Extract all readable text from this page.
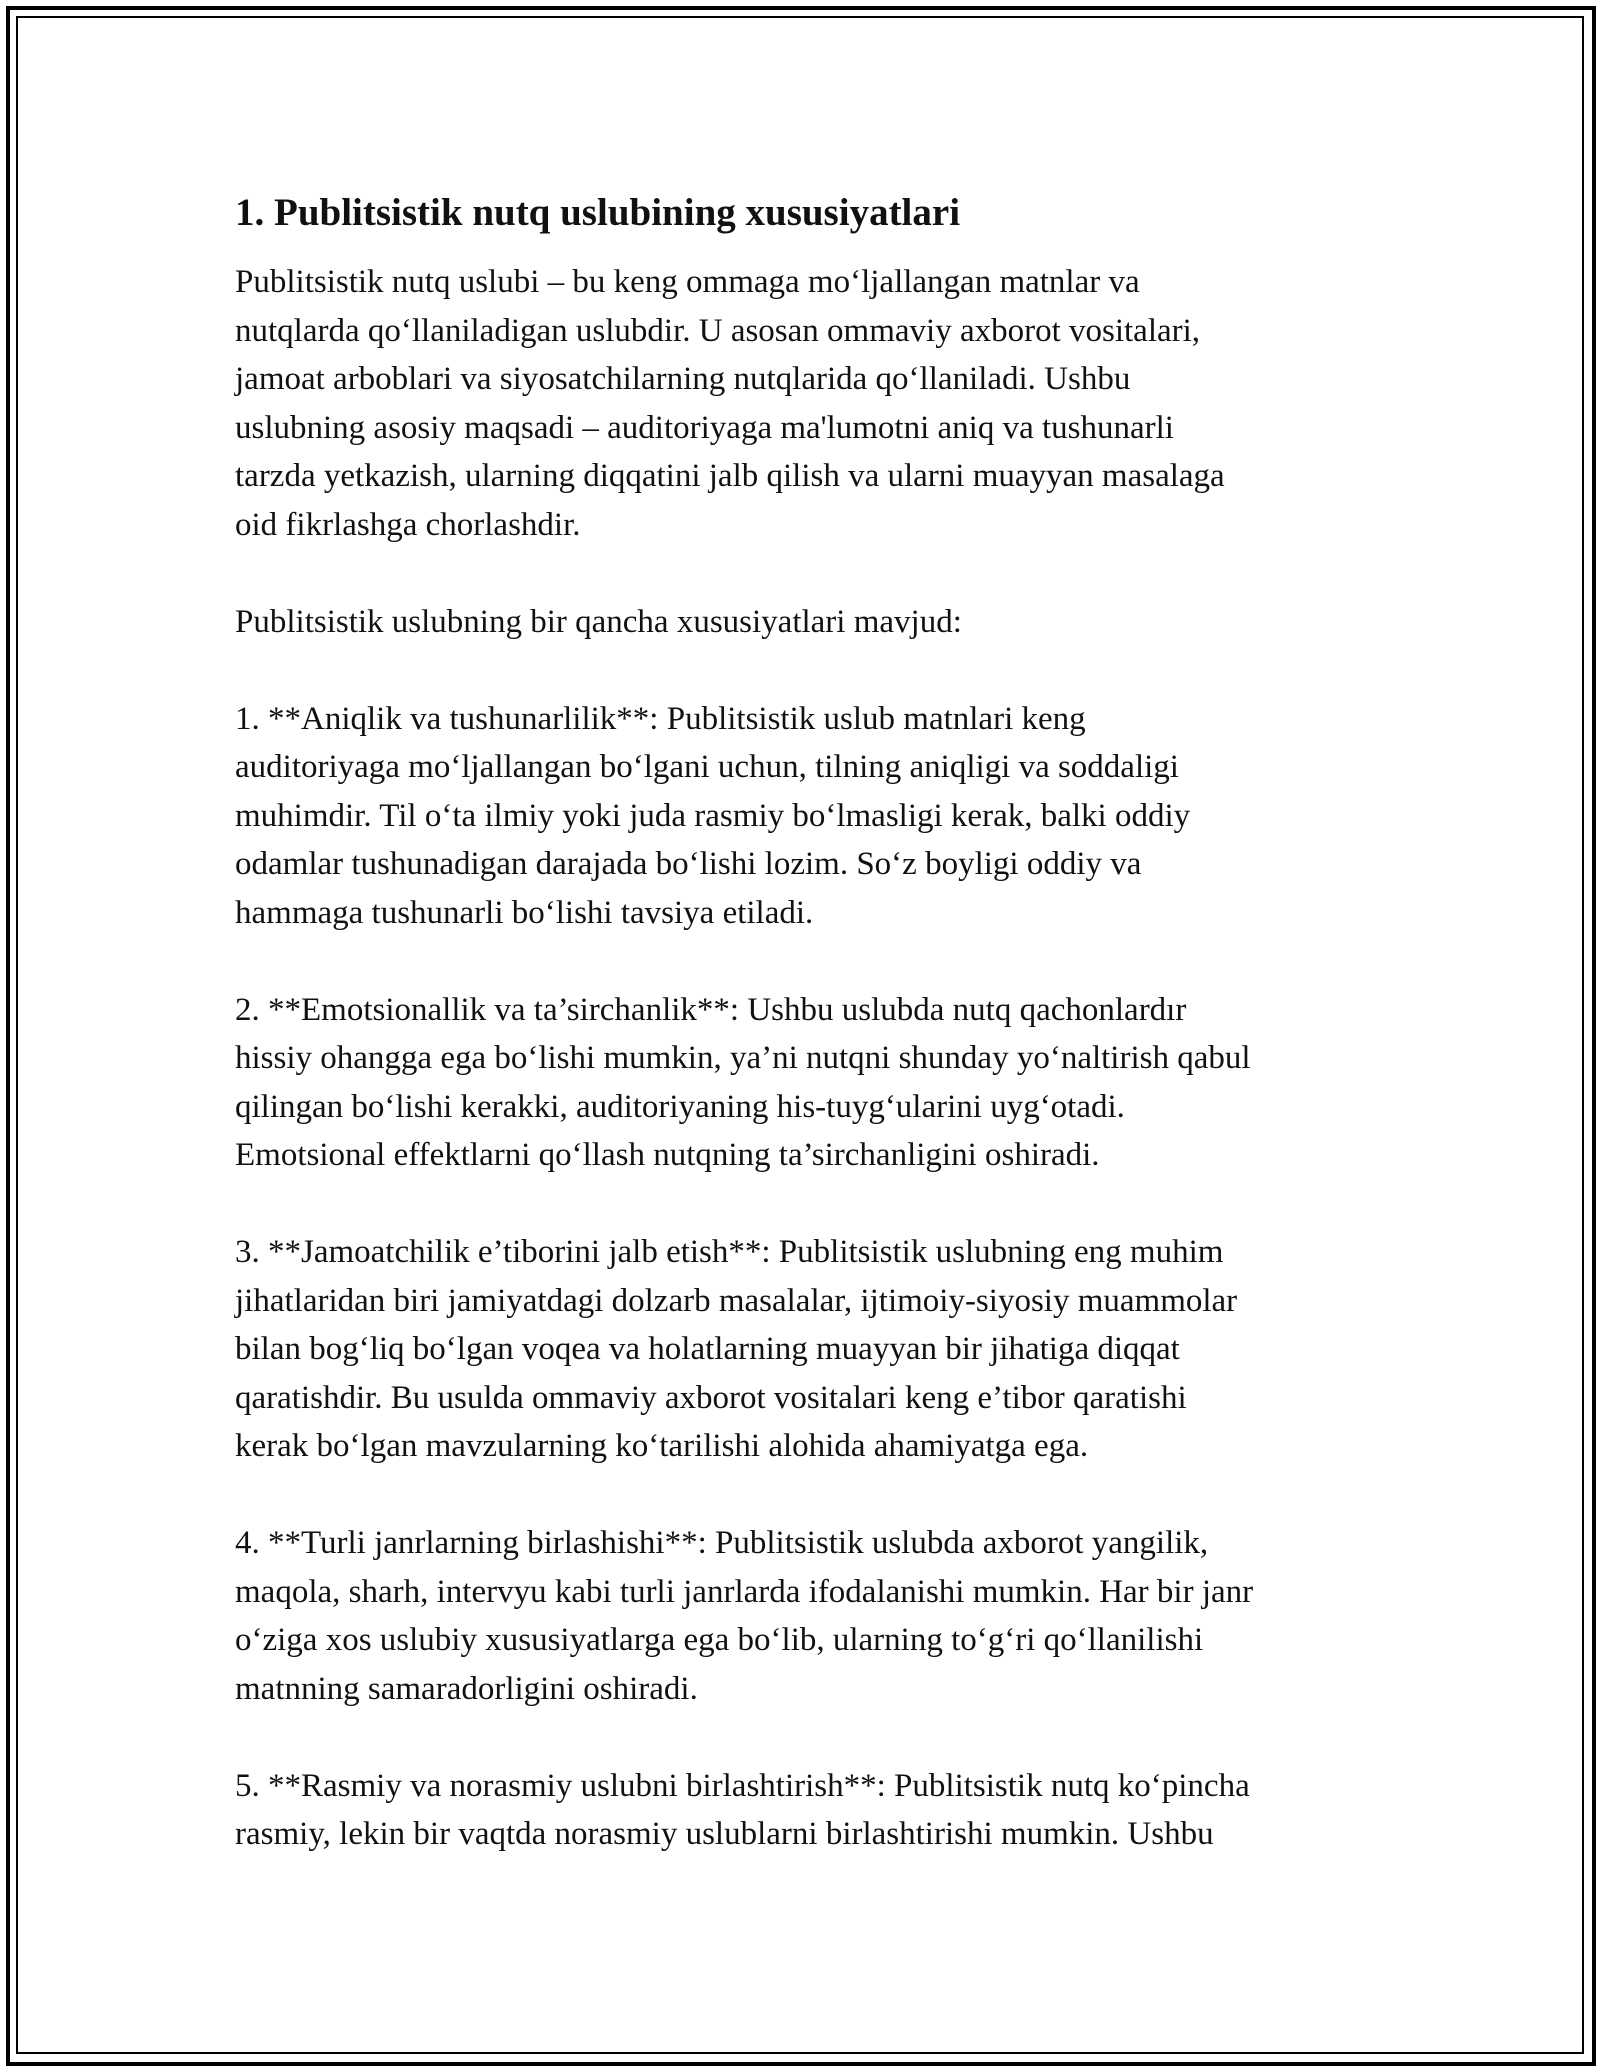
1. Publitsistik nutq uslubining xususiyatlari

Publitsistik nutq uslubi – bu keng ommaga mo‘ljallangan matnlar va
nutqlarda qo‘llaniladigan uslubdir. U asosan ommaviy axborot vositalari,
jamoat arboblari va siyosatchilarning nutqlarida qo‘llaniladi. Ushbu
uslubning asosiy maqsadi – auditoriyaga ma'lumotni aniq va tushunarli
tarzda yetkazish, ularning diqqatini jalb qilish va ularni muayyan masalaga
oid fikrlashga chorlashdir.

Publitsistik uslubning bir qancha xususiyatlari mavjud:

1. **Aniqlik va tushunarlilik**: Publitsistik uslub matnlari keng
auditoriyaga mo‘ljallangan bo‘lgani uchun, tilning aniqligi va soddaligi
muhimdir. Til o‘ta ilmiy yoki juda rasmiy bo‘lmasligi kerak, balki oddiy
odamlar tushunadigan darajada bo‘lishi lozim. So‘z boyligi oddiy va
hammaga tushunarli bo‘lishi tavsiya etiladi.

2. **Emotsionallik va ta’sirchanlik**: Ushbu uslubda nutq qachonlardır
hissiy ohangga ega bo‘lishi mumkin, ya’ni nutqni shunday yo‘naltirish qabul
qilingan bo‘lishi kerakki, auditoriyaning his-tuyg‘ularini uyg‘otadi.
Emotsional effektlarni qo‘llash nutqning ta’sirchanligini oshiradi.

3. **Jamoatchilik e’tiborini jalb etish**: Publitsistik uslubning eng muhim
jihatlaridan biri jamiyatdagi dolzarb masalalar, ijtimoiy-siyosiy muammolar
bilan bog‘liq bo‘lgan voqea va holatlarning muayyan bir jihatiga diqqat
qaratishdir. Bu usulda ommaviy axborot vositalari keng e’tibor qaratishi
kerak bo‘lgan mavzularning ko‘tarilishi alohida ahamiyatga ega.

4. **Turli janrlarning birlashishi**: Publitsistik uslubda axborot yangilik,
maqola, sharh, intervyu kabi turli janrlarda ifodalanishi mumkin. Har bir janr
o‘ziga xos uslubiy xususiyatlarga ega bo‘lib, ularning to‘g‘ri qo‘llanilishi
matnning samaradorligini oshiradi.

5. **Rasmiy va norasmiy uslubni birlashtirish**: Publitsistik nutq ko‘pincha
rasmiy, lekin bir vaqtda norasmiy uslublarni birlashtirishi mumkin. Ushbu
